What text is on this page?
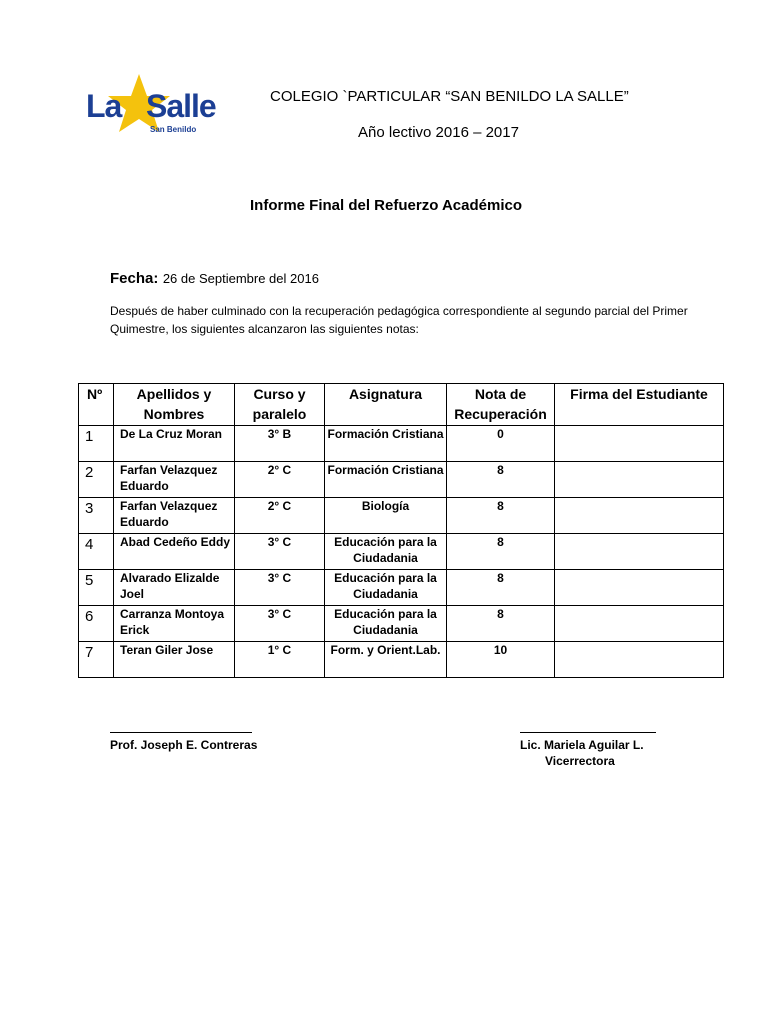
La Salle
San Benildo
COLEGIO `PARTICULAR “SAN BENILDO LA SALLE”
Año lectivo 2016 – 2017
Informe Final del Refuerzo Académico
Fecha: 26 de Septiembre del 2016
Después de haber culminado con la recuperación pedagógica correspondiente al segundo parcial del Primer Quimestre, los siguientes alcanzaron las siguientes notas:
Nº	Apellidos y Nombres	Curso y paralelo	Asignatura	Nota de Recuperación	Firma del Estudiante
1	De La Cruz Moran	3° B	Formación Cristiana	0	
2	Farfan Velazquez Eduardo	2° C	Formación Cristiana	8	
3	Farfan Velazquez Eduardo	2° C	Biología	8	
4	Abad Cedeño Eddy	3° C	Educación para la Ciudadania	8	
5	Alvarado Elizalde Joel	3° C	Educación para la Ciudadania	8	
6	Carranza Montoya Erick	3° C	Educación para la Ciudadania	8	
7	Teran Giler Jose	1° C	Form. y Orient.Lab.	10	
Prof. Joseph E. Contreras	Lic. Mariela Aguilar L.
Vicerrectora
